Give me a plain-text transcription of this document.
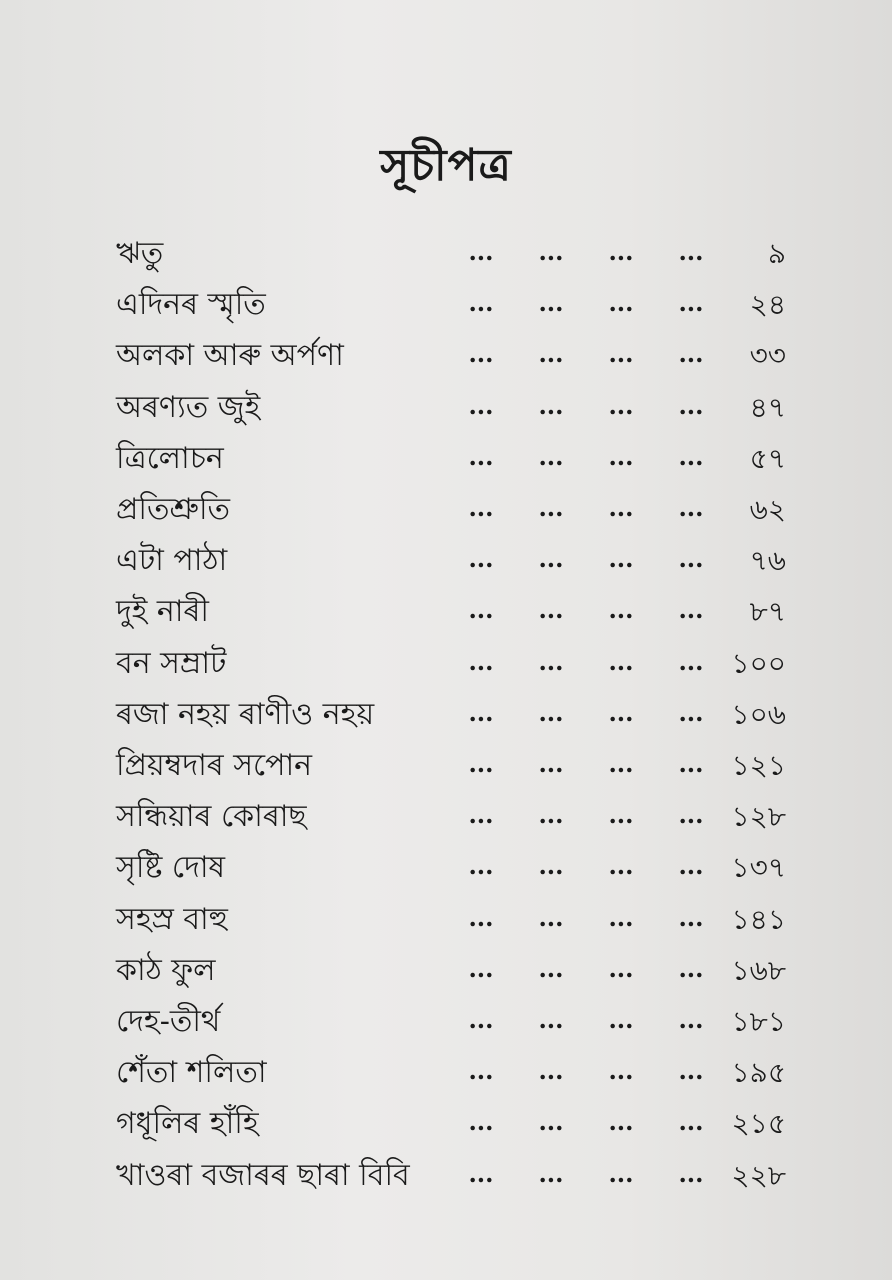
সূচীপত্ৰ
ঋতু	... ... ... ... ৯
এদিনৰ স্মৃতি	... ... ... ... ২৪
অলকা আৰু অৰ্পণা	... ... ... ... ৩৩
অৰণ্যত জুই	... ... ... ... ৪৭
ত্ৰিলোচন	... ... ... ... ৫৭
প্ৰতিশ্ৰুতি	... ... ... ... ৬২
এটা পাঠা	... ... ... ... ৭৬
দুই নাৰী	... ... ... ... ৮৭
বন সম্ৰাট	... ... ... ... ১০০
ৰজা নহয় ৰাণীও নহয়	... ... ... ... ১০৬
প্ৰিয়ম্বদাৰ সপোন	... ... ... ... ১২১
সন্ধিয়াৰ কোৰাছ	... ... ... ... ১২৮
সৃষ্টি দোষ	... ... ... ... ১৩৭
সহস্ৰ বাহু	... ... ... ... ১৪১
কাঠ ফুল	... ... ... ... ১৬৮
দেহ-তীৰ্থ	... ... ... ... ১৮১
শেঁতা শলিতা	... ... ... ... ১৯৫
গধূলিৰ হাঁহি	... ... ... ... ২১৫
খাওৰা বজাৰৰ ছাৰা বিবি ... ... ... ... ২২৮
